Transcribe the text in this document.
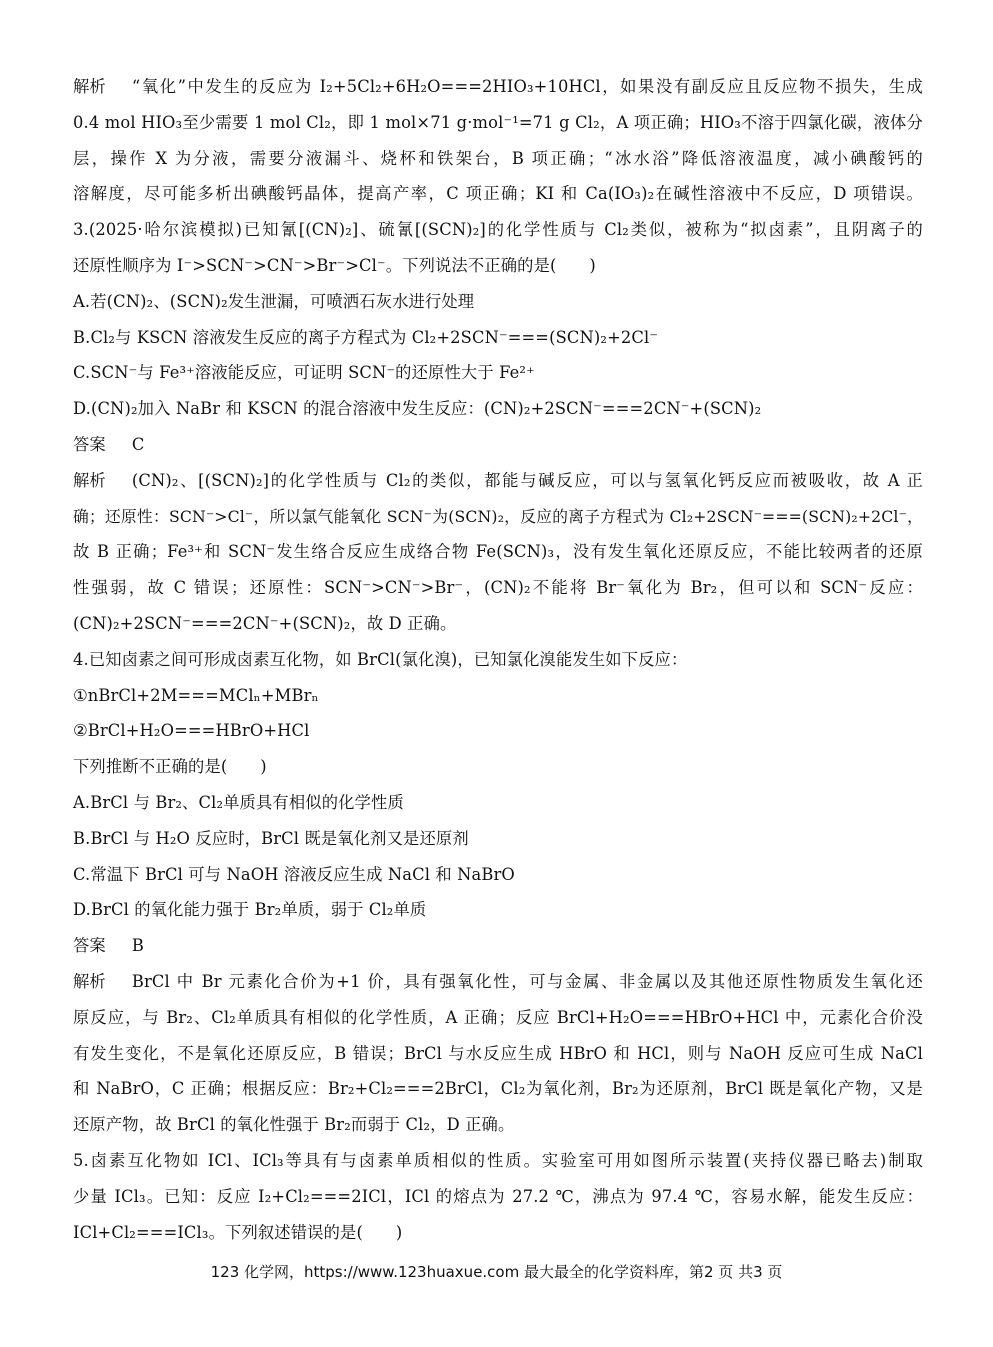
解析 “氧化”中发生的反应为 I₂+5Cl₂+6H₂O===2HIO₃+10HCl，如果没有副反应且反应物不损失，生成
0.4 mol HIO₃至少需要 1 mol Cl₂，即 1 mol×71 g·mol⁻¹=71 g Cl₂，A 项正确；HIO₃不溶于四氯化碳，液体分
层，操作 X 为分液，需要分液漏斗、烧杯和铁架台，B 项正确；“冰水浴”降低溶液温度，减小碘酸钙的
溶解度，尽可能多析出碘酸钙晶体，提高产率，C 项正确；KI 和 Ca(IO₃)₂在碱性溶液中不反应，D 项错误。
3.(2025·哈尔滨模拟)已知氰[(CN)₂]、硫氰[(SCN)₂]的化学性质与 Cl₂类似，被称为“拟卤素”，且阴离子的
还原性顺序为 I⁻>SCN⁻>CN⁻>Br⁻>Cl⁻。下列说法不正确的是(　　)
A.若(CN)₂、(SCN)₂发生泄漏，可喷洒石灰水进行处理
B.Cl₂与 KSCN 溶液发生反应的离子方程式为 Cl₂+2SCN⁻===(SCN)₂+2Cl⁻
C.SCN⁻与 Fe³⁺溶液能反应，可证明 SCN⁻的还原性大于 Fe²⁺
D.(CN)₂加入 NaBr 和 KSCN 的混合溶液中发生反应：(CN)₂+2SCN⁻===2CN⁻+(SCN)₂
答案 C
解析 (CN)₂、[(SCN)₂]的化学性质与 Cl₂的类似，都能与碱反应，可以与氢氧化钙反应而被吸收，故 A 正
确；还原性：SCN⁻>Cl⁻，所以氯气能氧化 SCN⁻为(SCN)₂，反应的离子方程式为 Cl₂+2SCN⁻===(SCN)₂+2Cl⁻，
故 B 正确；Fe³⁺和 SCN⁻发生络合反应生成络合物 Fe(SCN)₃，没有发生氧化还原反应，不能比较两者的还原
性强弱，故 C 错误；还原性：SCN⁻>CN⁻>Br⁻，(CN)₂不能将 Br⁻氧化为 Br₂，但可以和 SCN⁻反应：
(CN)₂+2SCN⁻===2CN⁻+(SCN)₂，故 D 正确。
4.已知卤素之间可形成卤素互化物，如 BrCl(氯化溴)，已知氯化溴能发生如下反应：
①nBrCl+2M===MClₙ+MBrₙ
②BrCl+H₂O===HBrO+HCl
下列推断不正确的是(　　)
A.BrCl 与 Br₂、Cl₂单质具有相似的化学性质
B.BrCl 与 H₂O 反应时，BrCl 既是氧化剂又是还原剂
C.常温下 BrCl 可与 NaOH 溶液反应生成 NaCl 和 NaBrO
D.BrCl 的氧化能力强于 Br₂单质，弱于 Cl₂单质
答案 B
解析 BrCl 中 Br 元素化合价为+1 价，具有强氧化性，可与金属、非金属以及其他还原性物质发生氧化还
原反应，与 Br₂、Cl₂单质具有相似的化学性质，A 正确；反应 BrCl+H₂O===HBrO+HCl 中，元素化合价没
有发生变化，不是氧化还原反应，B 错误；BrCl 与水反应生成 HBrO 和 HCl，则与 NaOH 反应可生成 NaCl
和 NaBrO，C 正确；根据反应：Br₂+Cl₂===2BrCl，Cl₂为氧化剂，Br₂为还原剂，BrCl 既是氧化产物，又是
还原产物，故 BrCl 的氧化性强于 Br₂而弱于 Cl₂，D 正确。
5.卤素互化物如 ICl、ICl₃等具有与卤素单质相似的性质。实验室可用如图所示装置(夹持仪器已略去)制取
少量 ICl₃。已知：反应 I₂+Cl₂===2ICl，ICl 的熔点为 27.2 ℃，沸点为 97.4 ℃，容易水解，能发生反应：
ICl+Cl₂===ICl₃。下列叙述错误的是(　　)
123 化学网，https://www.123huaxue.com 最大最全的化学资料库，第2 页 共3 页
